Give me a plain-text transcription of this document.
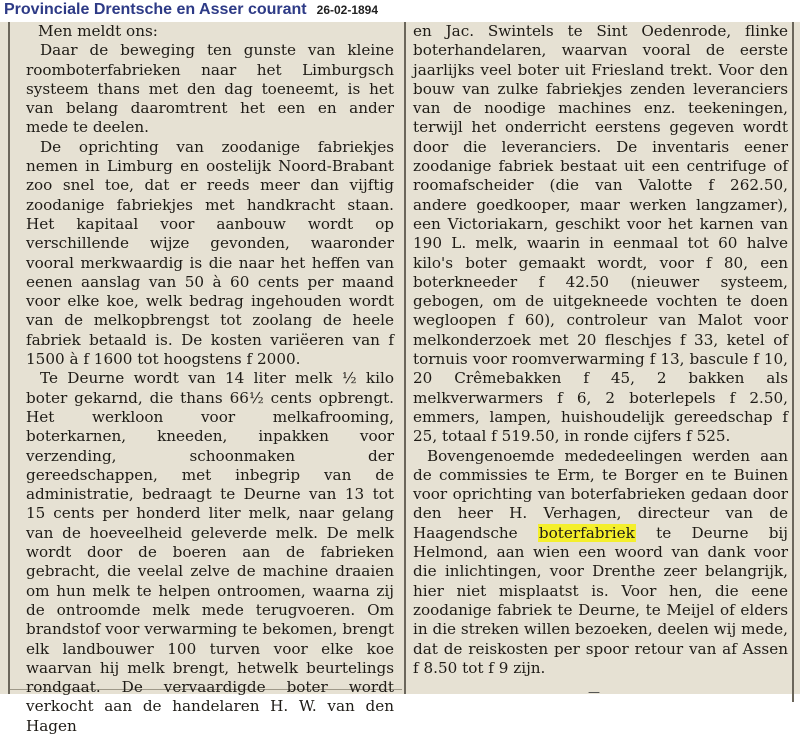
Provinciale Drentsche en Asser courant 26-02-1894

Men meldt ons:

Daar de beweging ten gunste van kleine roomboterfabrieken naar het Limburgsch systeem thans met den dag toeneemt, is het van belang daaromtrent het een en ander mede te deelen.

De oprichting van zoodanige fabriekjes nemen in Limburg en oostelijk Noord-Brabant zoo snel toe, dat er reeds meer dan vijftig zoodanige fabriekjes met handkracht staan. Het kapitaal voor aanbouw wordt op verschillende wijze gevonden, waaronder vooral merkwaardig is die naar het heffen van eenen aanslag van 50 à 60 cents per maand voor elke koe, welk bedrag ingehouden wordt van de melkopbrengst tot zoolang de heele fabriek betaald is. De kosten variëeren van f 1500 à f 1600 tot hoogstens f 2000.

Te Deurne wordt van 14 liter melk ½ kilo boter gekarnd, die thans 66½ cents opbrengt. Het werkloon voor melkafrooming, boterkarnen, kneeden, inpakken voor verzending, schoonmaken der gereedschappen, met inbegrip van de administratie, bedraagt te Deurne van 13 tot 15 cents per honderd liter melk, naar gelang van de hoeveelheid geleverde melk. De melk wordt door de boeren aan de fabrieken gebracht, die veelal zelve de machine draaien om hun melk te helpen ontroomen, waarna zij de ontroomde melk mede terugvoeren. Om brandstof voor verwarming te bekomen, brengt elk landbouwer 100 turven voor elke koe waarvan hij melk brengt, hetwelk beurtelings rondgaat. De vervaardigde boter wordt verkocht aan de handelaren H. W. van den Hagen

en Jac. Swintels te Sint Oedenrode, flinke boterhandelaren, waarvan vooral de eerste jaarlijks veel boter uit Friesland trekt. Voor den bouw van zulke fabriekjes zenden leveranciers van de noodige machines enz. teekeningen, terwijl het onderricht eerstens gegeven wordt door die leveranciers. De inventaris eener zoodanige fabriek bestaat uit een centrifuge of roomafscheider (die van Valotte f 262.50, andere goedkooper, maar werken langzamer), een Victoriakarn, geschikt voor het karnen van 190 L. melk, waarin in eenmaal tot 60 halve kilo's boter gemaakt wordt, voor f 80, een boterkneeder f 42.50 (nieuwer systeem, gebogen, om de uitgekneede vochten te doen wegloopen f 60), controleur van Malot voor melkonderzoek met 20 fleschjes f 33, ketel of tornuis voor roomverwarming f 13, bascule f 10, 20 Crêmebakken f 45, 2 bakken als melkverwarmers f 6, 2 boterlepels f 2.50, emmers, lampen, huishoudelijk gereedschap f 25, totaal f 519.50, in ronde cijfers f 525.

Bovengenoemde mededeelingen werden aan de commissies te Erm, te Borger en te Buinen voor oprichting van boterfabrieken gedaan door den heer H. Verhagen, directeur van de Haagendsche boterfabriek te Deurne bij Helmond, aan wien een woord van dank voor die inlichtingen, voor Drenthe zeer belangrijk, hier niet misplaatst is. Voor hen, die eene zoodanige fabriek te Deurne, te Meijel of elders in die streken willen bezoeken, deelen wij mede, dat de reiskosten per spoor retour van af Assen f 8.50 tot f 9 zijn.

—
